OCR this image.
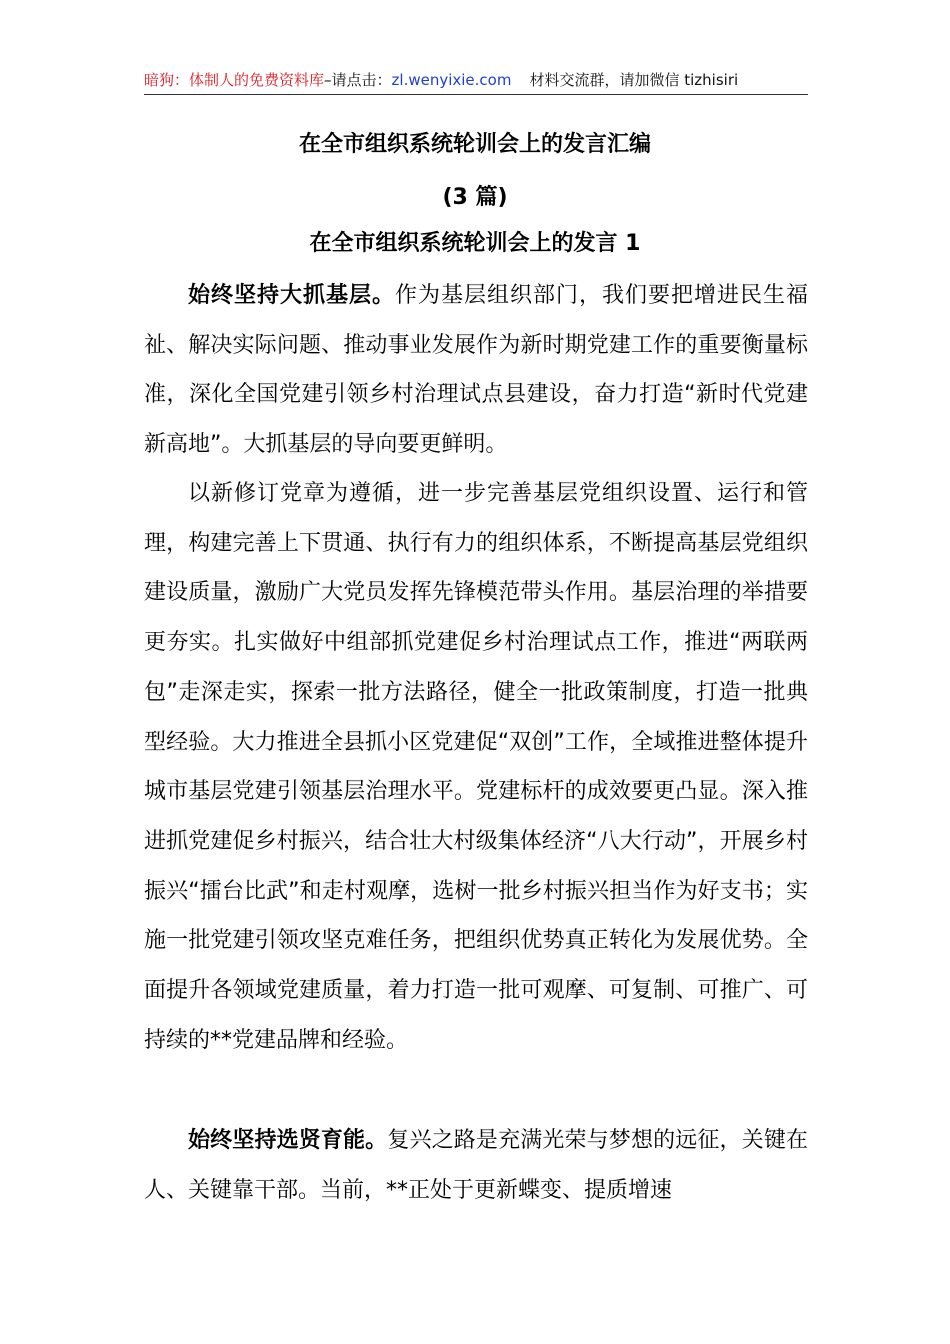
暗狗：体制人的免费资料库–请点击：zl.wenyixie.com 材料交流群，请加微信 tizhisiri
在全市组织系统轮训会上的发言汇编
(3 篇)
在全市组织系统轮训会上的发言 1
始终坚持大抓基层。作为基层组织部门，我们要把增进民生福祉、解决实际问题、推动事业发展作为新时期党建工作的重要衡量标准，深化全国党建引领乡村治理试点县建设，奋力打造“新时代党建新高地”。大抓基层的导向要更鲜明。
以新修订党章为遵循，进一步完善基层党组织设置、运行和管理，构建完善上下贯通、执行有力的组织体系，不断提高基层党组织建设质量，激励广大党员发挥先锋模范带头作用。基层治理的举措要更夯实。扎实做好中组部抓党建促乡村治理试点工作，推进“两联两包”走深走实，探索一批方法路径，健全一批政策制度，打造一批典型经验。大力推进全县抓小区党建促“双创”工作，全域推进整体提升城市基层党建引领基层治理水平。党建标杆的成效要更凸显。深入推进抓党建促乡村振兴，结合壮大村级集体经济“八大行动”，开展乡村振兴“擂台比武”和走村观摩，选树一批乡村振兴担当作为好支书；实施一批党建引领攻坚克难任务，把组织优势真正转化为发展优势。全面提升各领域党建质量，着力打造一批可观摩、可复制、可推广、可持续的**党建品牌和经验。
始终坚持选贤育能。复兴之路是充满光荣与梦想的远征，关键在人、关键靠干部。当前，**正处于更新蝶变、提质增速
